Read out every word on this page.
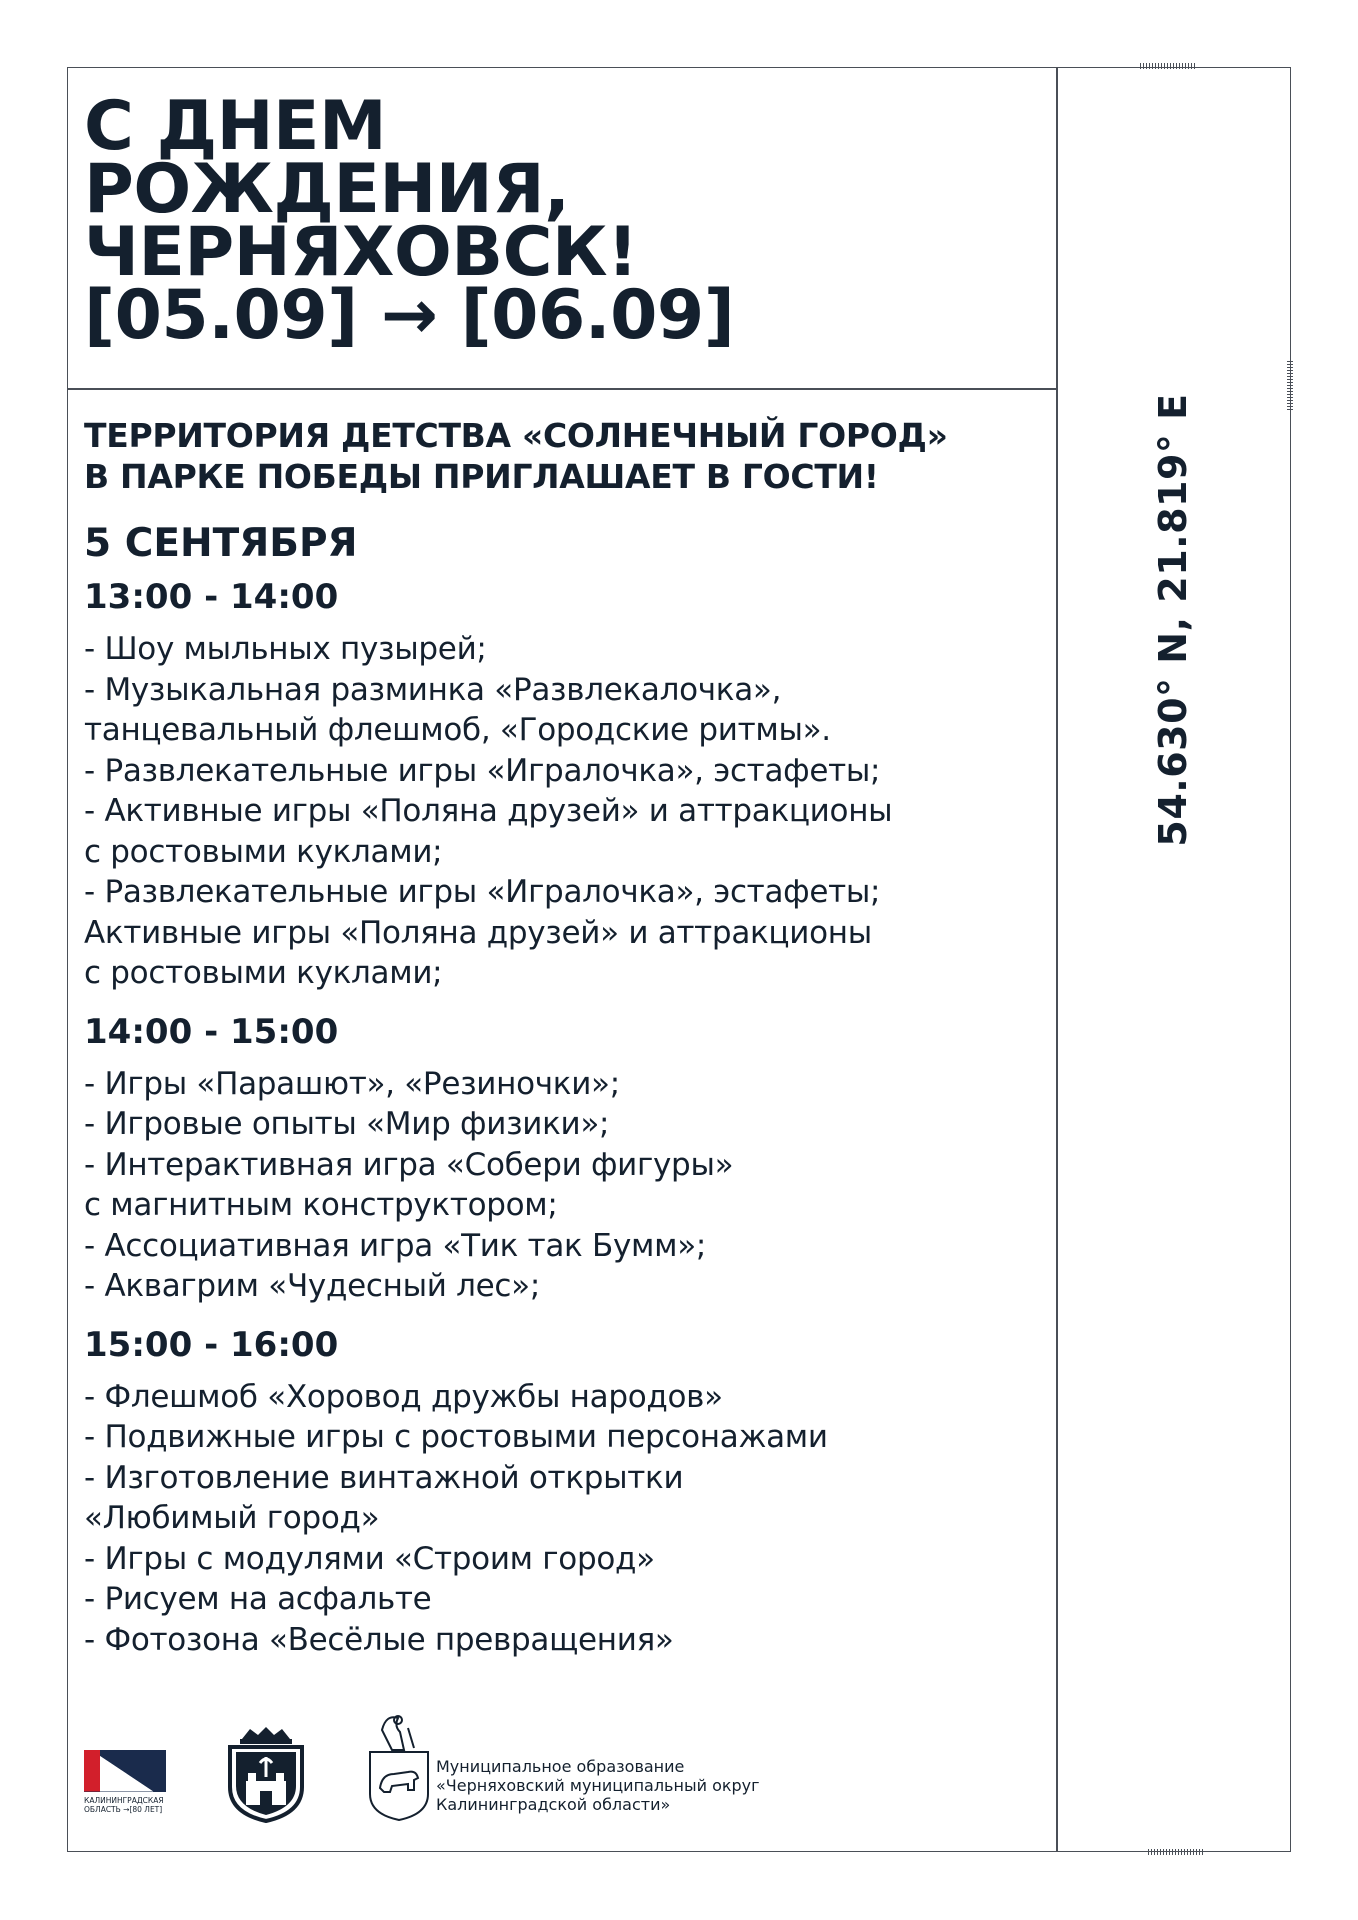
С ДНЕМ
РОЖДЕНИЯ,
ЧЕРНЯХОВСК!
[05.09] → [06.09]
54.630° N, 21.819° E

ТЕРРИТОРИЯ ДЕТСТВА «СОЛНЕЧНЫЙ ГОРОД»
В ПАРКЕ ПОБЕДЫ ПРИГЛАШАЕТ В ГОСТИ!

5 СЕНТЯБРЯ
13:00 - 14:00
- Шоу мыльных пузырей;
- Музыкальная разминка «Развлекалочка»,
танцевальный флешмоб, «Городские ритмы».
- Развлекательные игры «Игралочка», эстафеты;
- Активные игры «Поляна друзей» и аттракционы
с ростовыми куклами;
- Развлекательные игры «Игралочка», эстафеты;
Активные игры «Поляна друзей» и аттракционы
с ростовыми куклами;
14:00 - 15:00
- Игры «Парашют», «Резиночки»;
- Игровые опыты «Мир физики»;
- Интерактивная игра «Собери фигуры»
с магнитным конструктором;
- Ассоциативная игра «Тик так Бумм»;
- Аквагрим «Чудесный лес»;
15:00 - 16:00
- Флешмоб «Хоровод дружбы народов»
- Подвижные игры с ростовыми персонажами
- Изготовление винтажной открытки
«Любимый город»
- Игры с модулями «Строим город»
- Рисуем на асфальте
- Фотозона «Весёлые превращения»
КАЛИНИНГРАДСКАЯ
ОБЛАСТЬ →[80 ЛЕТ]
Муниципальное образование
«Черняховский муниципальный округ
Калининградской области»
